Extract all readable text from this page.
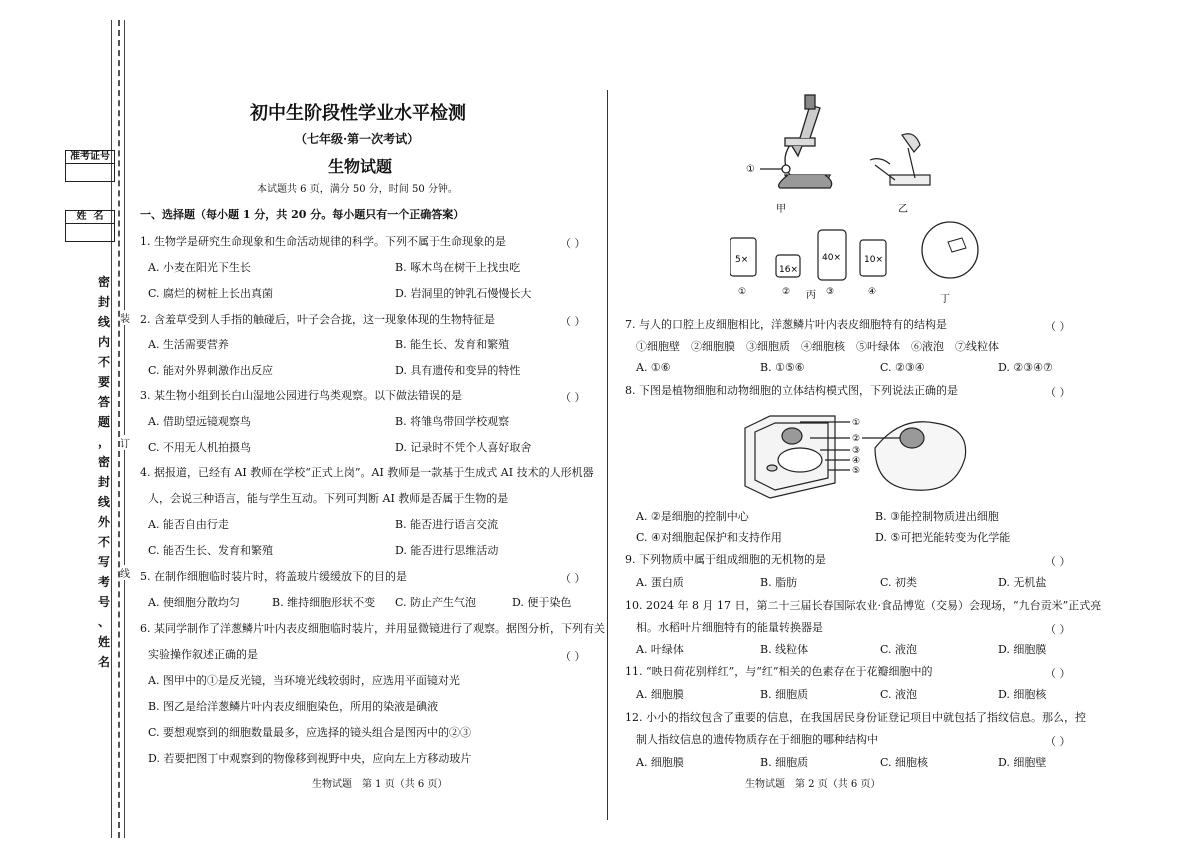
准考证号
姓  名
密
封
线
内
不
要
答
题
，
密
封
线
外
不
写
考
号
、
姓
名
装
订
线
初中生阶段性学业水平检测
（七年级·第一次考试）
生物试题
本试题共 6 页，满分 50 分，时间 50 分钟。
一、选择题（每小题 1 分，共 20 分。每小题只有一个正确答案）
1. 生物学是研究生命现象和生命活动规律的科学。下列不属于生命现象的是	（ ）
A. 小麦在阳光下生长	B. 啄木鸟在树干上找虫吃
C. 腐烂的树桩上长出真菌	D. 岩洞里的钟乳石慢慢长大
2. 含羞草受到人手指的触碰后，叶子会合拢，这一现象体现的生物特征是	（ ）
A. 生活需要营养	B. 能生长、发育和繁殖
C. 能对外界刺激作出反应	D. 具有遗传和变异的特性
3. 某生物小组到长白山湿地公园进行鸟类观察。以下做法错误的是	（ ）
A. 借助望远镜观察鸟	B. 将雏鸟带回学校观察
C. 不用无人机拍摄鸟	D. 记录时不凭个人喜好取舍
4. 据报道，已经有 AI 教师在学校“正式上岗”。AI 教师是一款基于生成式 AI 技术的人形机器
人，会说三种语言，能与学生互动。下列可判断 AI 教师是否属于生物的是
A. 能否自由行走	B. 能否进行语言交流
C. 能否生长、发育和繁殖	D. 能否进行思维活动
5. 在制作细胞临时装片时，将盖玻片缓缓放下的目的是	（ ）
A. 使细胞分散均匀	B. 维持细胞形状不变 C. 防止产生气泡	D. 便于染色
6. 某同学制作了洋葱鳞片叶内表皮细胞临时装片，并用显微镜进行了观察。据图分析，下列有关
实验操作叙述正确的是	（ ）
A. 图甲中的①是反光镜，当环境光线较弱时，应选用平面镜对光
B. 图乙是给洋葱鳞片叶内表皮细胞染色，所用的染液是碘液
C. 要想观察到的细胞数量最多，应选择的镜头组合是图丙中的②③
D. 若要把图丁中观察到的物像移到视野中央，应向左上方移动玻片
生物试题　第 1 页（共 6 页）
①
甲	乙
5×
16×
40×	10×
①	②	③	④
丙	丁
7. 与人的口腔上皮细胞相比，洋葱鳞片叶内表皮细胞特有的结构是	（ ）
①细胞壁　②细胞膜　③细胞质　④细胞核　⑤叶绿体　⑥液泡　⑦线粒体
A. ①⑥	B. ①⑤⑥	C. ②③④	D. ②③④⑦
8. 下图是植物细胞和动物细胞的立体结构模式图，下列说法正确的是	（ ）
①
②
③
④
⑤
A. ②是细胞的控制中心	B. ③能控制物质进出细胞
C. ④对细胞起保护和支持作用	D. ⑤可把光能转变为化学能
9. 下列物质中属于组成细胞的无机物的是	（ ）
A. 蛋白质	B. 脂肪	C. 初类	D. 无机盐
10. 2024 年 8 月 17 日，第二十三届长春国际农业·食品博览（交易）会现场，“九台贡米”正式亮
相。水稻叶片细胞特有的能量转换器是	（ ）
A. 叶绿体	B. 线粒体	C. 液泡	D. 细胞膜
11. “映日荷花别样红”，与“红”相关的色素存在于花瓣细胞中的	（ ）
A. 细胞膜	B. 细胞质	C. 液泡	D. 细胞核
12. 小小的指纹包含了重要的信息，在我国居民身份证登记项目中就包括了指纹信息。那么，控
制人指纹信息的遗传物质存在于细胞的哪种结构中	（ ）
A. 细胞膜	B. 细胞质	C. 细胞核	D. 细胞壁
生物试题　第 2 页（共 6 页）
